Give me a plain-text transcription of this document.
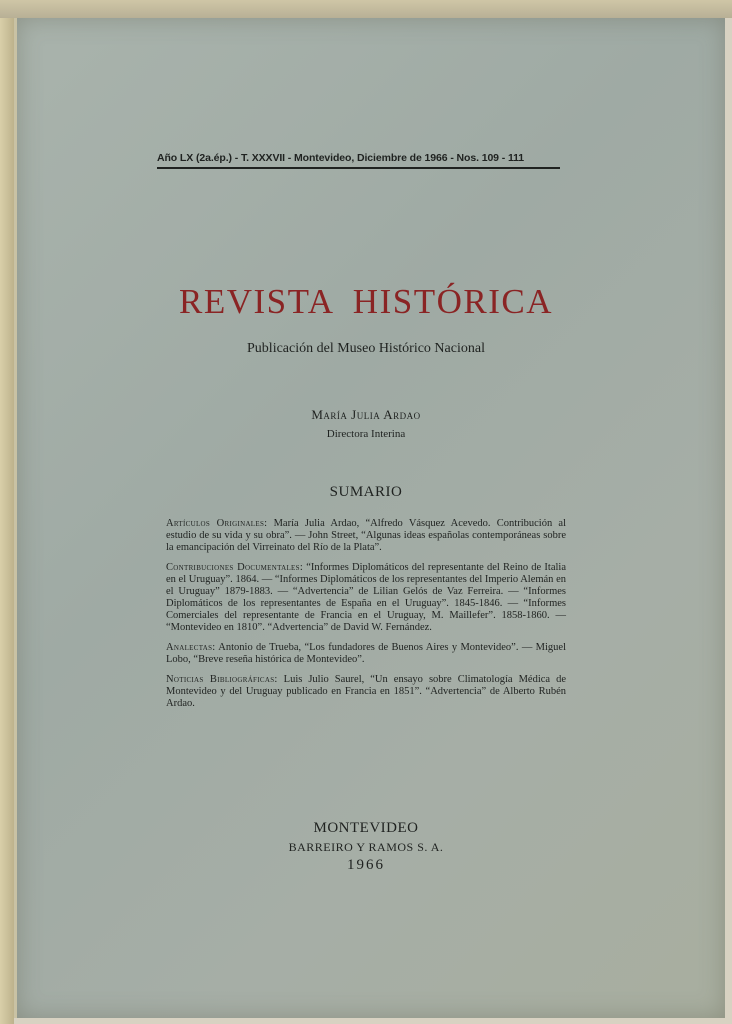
Año LX (2a.ép.) - T. XXXVII - Montevideo, Diciembre de 1966 - Nos. 109 - 111
REVISTA HISTÓRICA
Publicación del Museo Histórico Nacional
María Julia Ardao
Directora Interina
SUMARIO
Artículos Originales: María Julia Ardao, “Alfredo Vásquez Acevedo. Contribución al estudio de su vida y su obra”. — John Street, “Algunas ideas españolas contemporáneas sobre la emancipación del Virreinato del Río de la Plata”.
Contribuciones Documentales: “Informes Diplomáticos del representante del Reino de Italia en el Uruguay”. 1864. — “Informes Diplomáticos de los representantes del Imperio Alemán en el Uruguay” 1879-1883. — “Advertencia” de Lilian Gelós de Vaz Ferreira. — “Informes Diplomáticos de los representantes de España en el Uruguay”. 1845-1846. — “Informes Comerciales del representante de Francia en el Uruguay, M. Maillefer”. 1858-1860. — “Montevideo en 1810”. “Advertencia” de David W. Fernández.
Analectas: Antonio de Trueba, “Los fundadores de Buenos Aires y Montevideo”. — Miguel Lobo, “Breve reseña histórica de Montevideo”.
Noticias Bibliográficas: Luis Julio Saurel, “Un ensayo sobre Climatología Médica de Montevideo y del Uruguay publicado en Francia en 1851”. “Advertencia” de Alberto Rubén Ardao.
MONTEVIDEO
BARREIRO Y RAMOS S. A.
1966
